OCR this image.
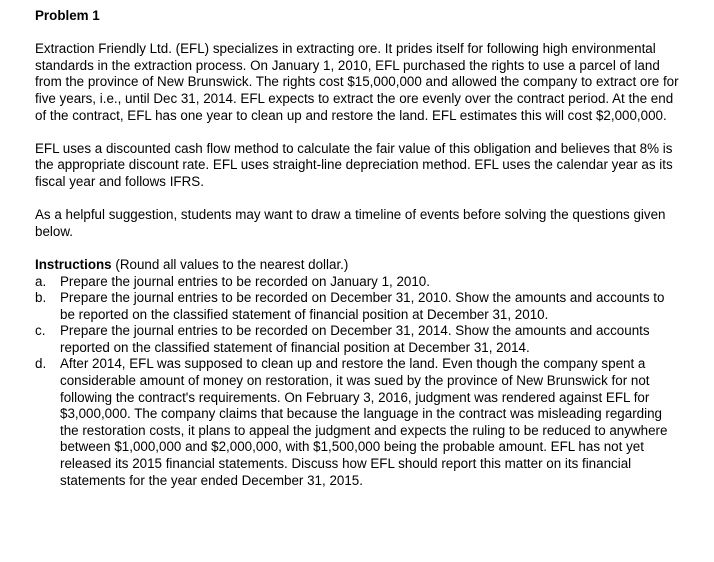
Problem 1

Extraction Friendly Ltd. (EFL) specializes in extracting ore. It prides itself for following high environmental standards in the extraction process. On January 1, 2010, EFL purchased the rights to use a parcel of land from the province of New Brunswick. The rights cost $15,000,000 and allowed the company to extract ore for five years, i.e., until Dec 31, 2014. EFL expects to extract the ore evenly over the contract period. At the end of the contract, EFL has one year to clean up and restore the land. EFL estimates this will cost $2,000,000.

EFL uses a discounted cash flow method to calculate the fair value of this obligation and believes that 8% is the appropriate discount rate. EFL uses straight-line depreciation method. EFL uses the calendar year as its fiscal year and follows IFRS.

As a helpful suggestion, students may want to draw a timeline of events before solving the questions given below.

Instructions (Round all values to the nearest dollar.)

a.	Prepare the journal entries to be recorded on January 1, 2010.
b.	Prepare the journal entries to be recorded on December 31, 2010. Show the amounts and accounts to be reported on the classified statement of financial position at December 31, 2010.
c.	Prepare the journal entries to be recorded on December 31, 2014. Show the amounts and accounts reported on the classified statement of financial position at December 31, 2014.
d.	After 2014, EFL was supposed to clean up and restore the land. Even though the company spent a considerable amount of money on restoration, it was sued by the province of New Brunswick for not following the contract's requirements. On February 3, 2016, judgment was rendered against EFL for $3,000,000. The company claims that because the language in the contract was misleading regarding the restoration costs, it plans to appeal the judgment and expects the ruling to be reduced to anywhere between $1,000,000 and $2,000,000, with $1,500,000 being the probable amount. EFL has not yet released its 2015 financial statements. Discuss how EFL should report this matter on its financial statements for the year ended December 31, 2015.
